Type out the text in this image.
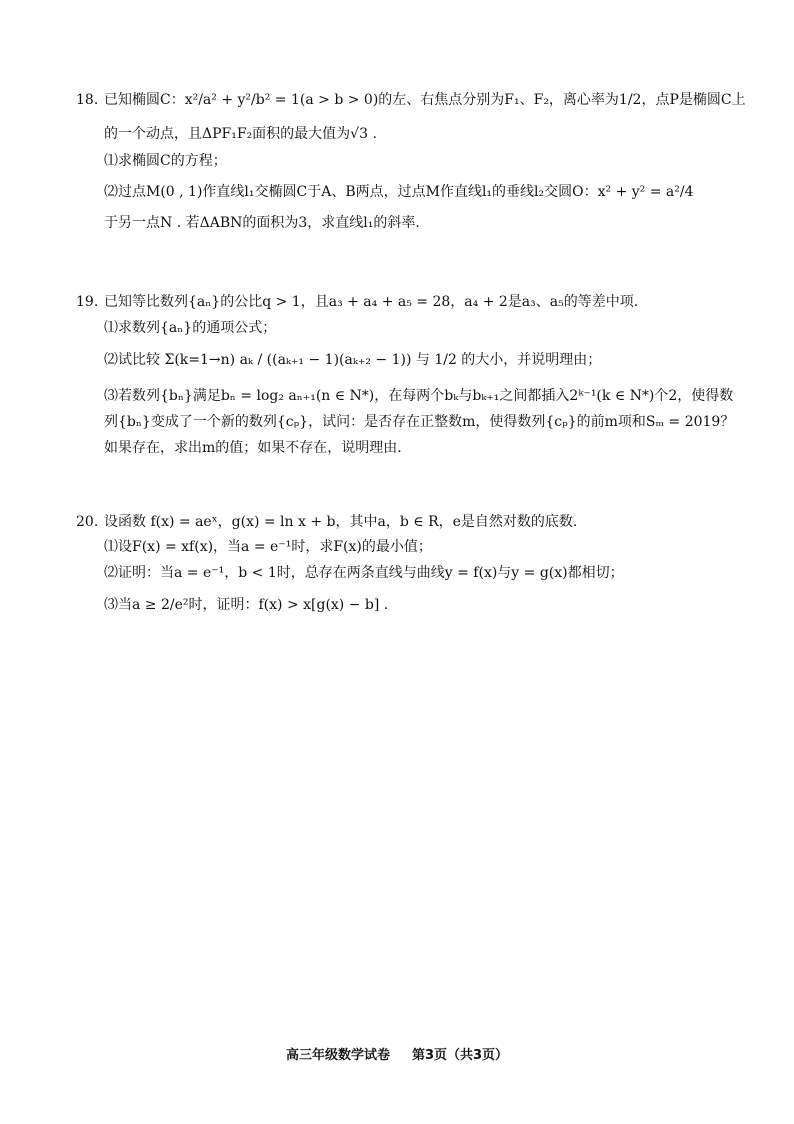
18. 已知椭圆C：x²/a² + y²/b² = 1(a > b > 0)的左、右焦点分别为F₁、F₂，离心率为1/2，点P是椭圆C上
的一个动点，且ΔPF₁F₂面积的最大值为√3 .
⑴求椭圆C的方程；
⑵过点M(0 , 1)作直线l₁交椭圆C于A、B两点，过点M作直线l₁的垂线l₂交圆O：x² + y² = a²/4
于另一点N . 若ΔABN的面积为3，求直线l₁的斜率.
19. 已知等比数列{aₙ}的公比q > 1，且a₃ + a₄ + a₅ = 28，a₄ + 2是a₃、a₅的等差中项.
⑴求数列{aₙ}的通项公式；
⑵试比较 Σ(k=1→n) aₖ / ((aₖ₊₁ − 1)(aₖ₊₂ − 1)) 与 1/2 的大小，并说明理由；
⑶若数列{bₙ}满足bₙ = log₂ aₙ₊₁(n ∈ N*)，在每两个bₖ与bₖ₊₁之间都插入2ᵏ⁻¹(k ∈ N*)个2，使得数
列{bₙ}变成了一个新的数列{cₚ}，试问：是否存在正整数m，使得数列{cₚ}的前m项和Sₘ = 2019？
如果存在，求出m的值；如果不存在，说明理由.
20. 设函数 f(x) = aeˣ，g(x) = ln x + b，其中a，b ∈ R，e是自然对数的底数.
⑴设F(x) = xf(x)，当a = e⁻¹时，求F(x)的最小值；
⑵证明：当a = e⁻¹，b < 1时，总存在两条直线与曲线y = f(x)与y = g(x)都相切；
⑶当a ≥ 2/e²时，证明：f(x) > x[g(x) − b] .
高三年级数学试卷 第3页（共3页）
